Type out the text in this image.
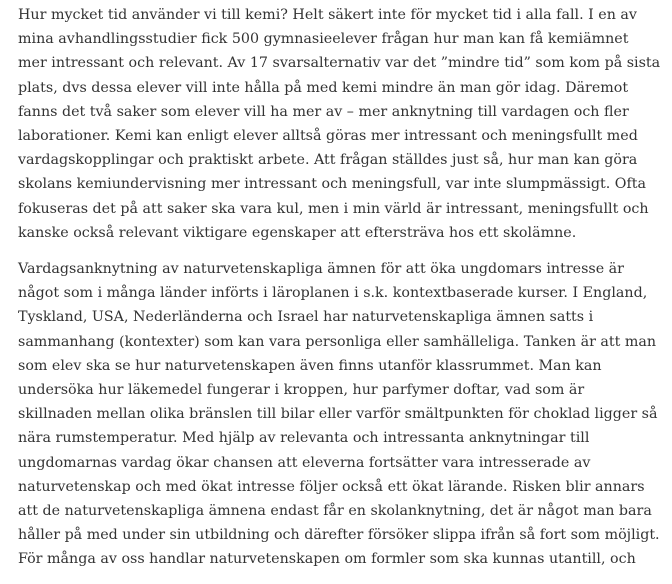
Hur mycket tid använder vi till kemi? Helt säkert inte för mycket tid i alla fall. I en av
mina avhandlingsstudier fick 500 gymnasieelever frågan hur man kan få kemiämnet
mer intressant och relevant. Av 17 svarsalternativ var det ”mindre tid” som kom på sista
plats, dvs dessa elever vill inte hålla på med kemi mindre än man gör idag. Däremot
fanns det två saker som elever vill ha mer av – mer anknytning till vardagen och fler
laborationer. Kemi kan enligt elever alltså göras mer intressant och meningsfullt med
vardagskopplingar och praktiskt arbete. Att frågan ställdes just så, hur man kan göra
skolans kemiundervisning mer intressant och meningsfull, var inte slumpmässigt. Ofta
fokuseras det på att saker ska vara kul, men i min värld är intressant, meningsfullt och
kanske också relevant viktigare egenskaper att eftersträva hos ett skolämne.

Vardagsanknytning av naturvetenskapliga ämnen för att öka ungdomars intresse är
något som i många länder införts i läroplanen i s.k. kontextbaserade kurser. I England,
Tyskland, USA, Nederländerna och Israel har naturvetenskapliga ämnen satts i
sammanhang (kontexter) som kan vara personliga eller samhälleliga. Tanken är att man
som elev ska se hur naturvetenskapen även finns utanför klassrummet. Man kan
undersöka hur läkemedel fungerar i kroppen, hur parfymer doftar, vad som är
skillnaden mellan olika bränslen till bilar eller varför smältpunkten för choklad ligger så
nära rumstemperatur. Med hjälp av relevanta och intressanta anknytningar till
ungdomarnas vardag ökar chansen att eleverna fortsätter vara intresserade av
naturvetenskap och med ökat intresse följer också ett ökat lärande. Risken blir annars
att de naturvetenskapliga ämnena endast får en skolanknytning, det är något man bara
håller på med under sin utbildning och därefter försöker slippa ifrån så fort som möjligt.
För många av oss handlar naturvetenskapen om formler som ska kunnas utantill, och
